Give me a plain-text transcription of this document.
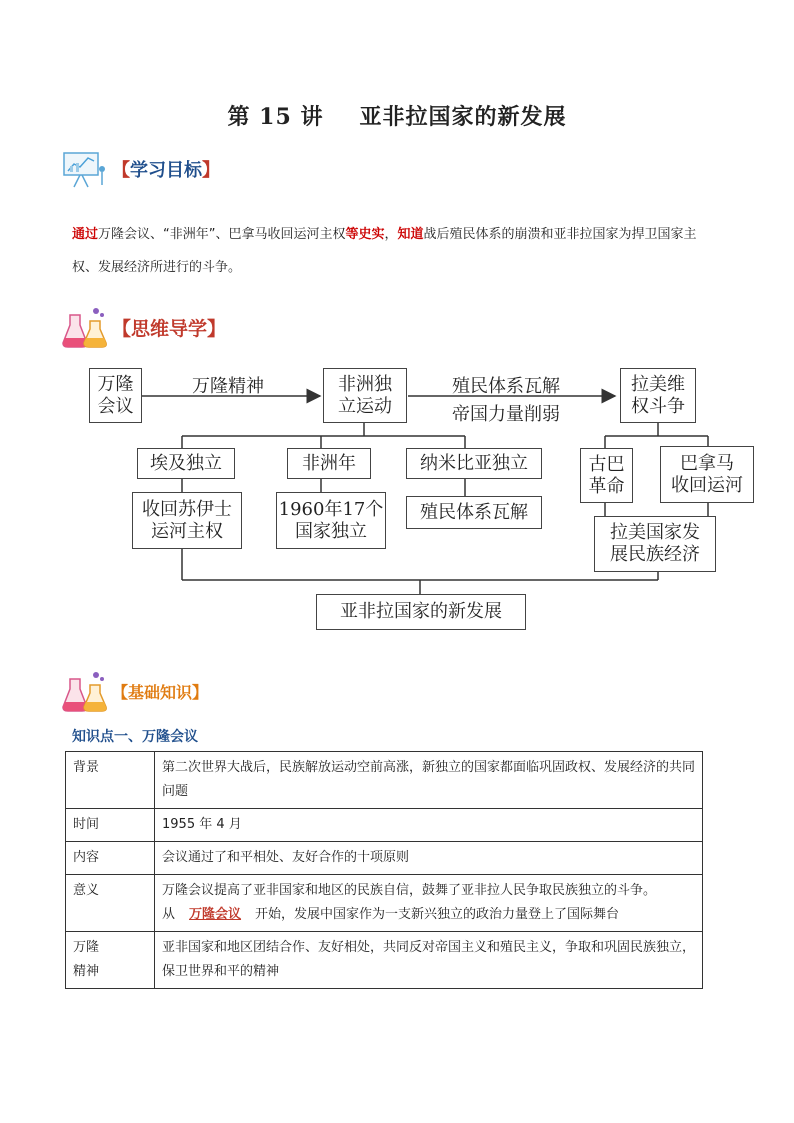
第 15 讲 亚非拉国家的新发展
【学习目标】
通过万隆会议、“非洲年”、巴拿马收回运河主权等史实，知道战后殖民体系的崩溃和亚非拉国家为捍卫国家主权、发展经济所进行的斗争。
【思维导学】
万隆
会议
万隆精神	非洲独
立运动
殖民体系瓦解
帝国力量削弱
拉美维
权斗争
埃及独立	非洲年	纳米比亚独立	古巴
革命
巴拿马
收回运河
收回苏伊士
运河主权
1960年17个
国家独立
殖民体系瓦解
拉美国家发
展民族经济
亚非拉国家的新发展
【基础知识】
知识点一、万隆会议
背景	第二次世界大战后，民族解放运动空前高涨，新独立的国家都面临巩固政权、发展经济的共同问题
时间	1955 年 4 月
内容	会议通过了和平相处、友好合作的十项原则
意义	万隆会议提高了亚非国家和地区的民族自信，鼓舞了亚非拉人民争取民族独立的斗争。
从 万隆会议 开始，发展中国家作为一支新兴独立的政治力量登上了国际舞台
万隆
精神	亚非国家和地区团结合作、友好相处，共同反对帝国主义和殖民主义，争取和巩固民族独立，保卫世界和平的精神
